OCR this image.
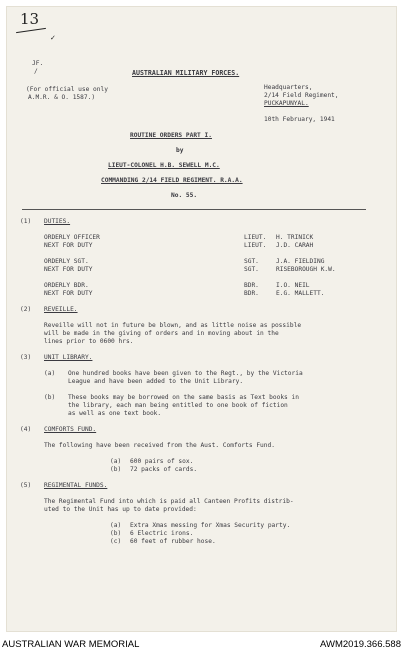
13
✓
JF.
/	AUSTRALIAN MILITARY FORCES.
(For official use only
A.M.R. & O. 1587.)
Headquarters,
2/14 Field Regiment,
PUCKAPUNYAL.
10th February, 1941
ROUTINE ORDERS PART I.
by
LIEUT-COLONEL H.B. SEWELL M.C.
COMMANDING 2/14 FIELD REGIMENT. R.A.A.
No. 55.
(1) DUTIES.
ORDERLY OFFICER	LIEUT. H. TRINICK
NEXT FOR DUTY	LIEUT. J.D. CARAH
ORDERLY SGT.	SGT.	J.A. FIELDING
NEXT FOR DUTY	SGT.	RISEBOROUGH K.W.
ORDERLY BDR.	BDR.	I.O. NEIL
NEXT FOR DUTY	BDR.	E.G. MALLETT.
(2) REVEILLE.
Reveille will not in future be blown, and as little noise as possible
will be made in the giving of orders and in moving about in the
lines prior to 0600 hrs.
(3) UNIT LIBRARY.
(a) One hundred books have been given to the Regt., by the Victoria
League and have been added to the Unit Library.
(b) These books may be borrowed on the same basis as Text books in
the library, each man being entitled to one book of fiction
as well as one text book.
(4) COMFORTS FUND.
The following have been received from the Aust. Comforts Fund.
(a) 600 pairs of sox.
(b) 72 packs of cards.
(5) REGIMENTAL FUNDS.
The Regimental Fund into which is paid all Canteen Profits distrib-
uted to the Unit has up to date provided:
(a) Extra Xmas messing for Xmas Security party.
(b) 6 Electric irons.
(c) 60 feet of rubber hose.
AUSTRALIAN WAR MEMORIAL	AWM2019.366.588
